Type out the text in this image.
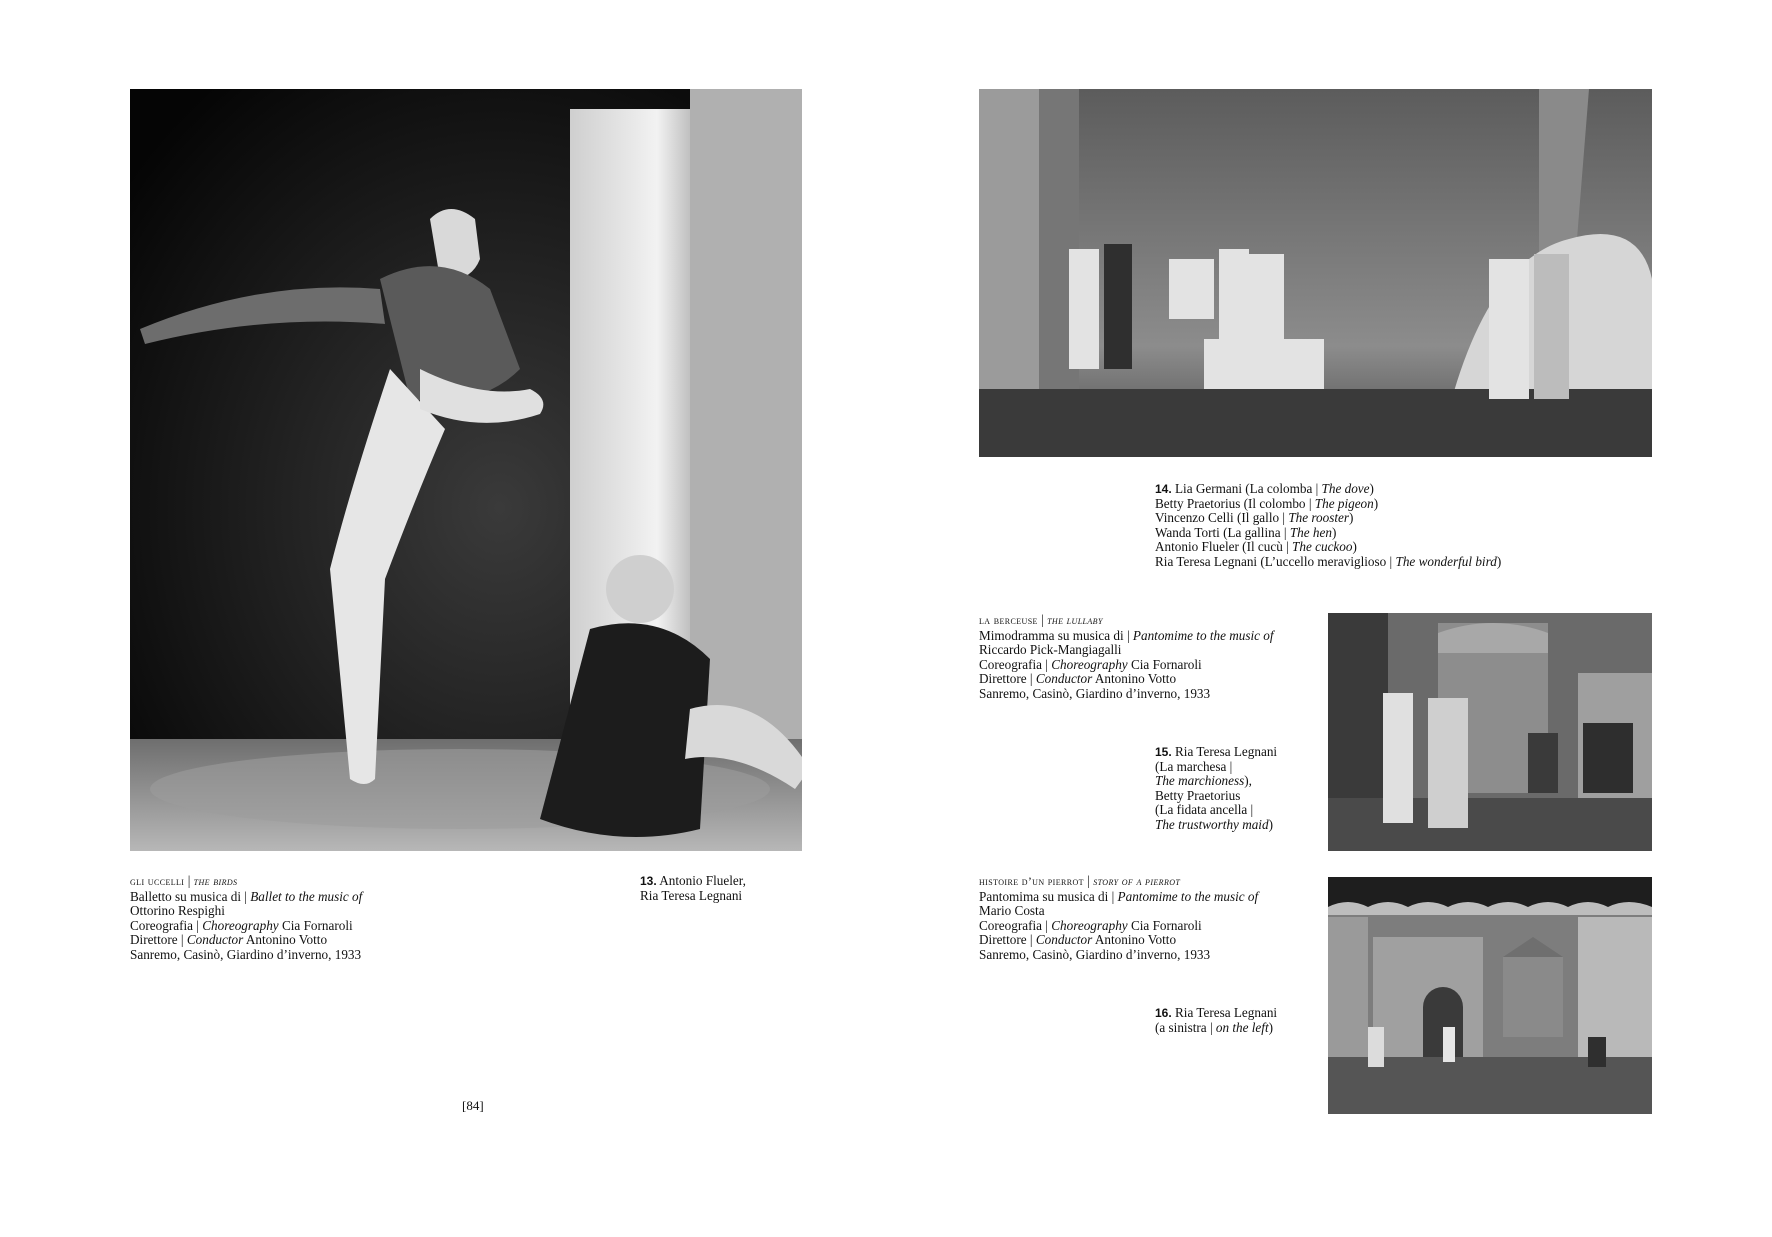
gli uccelli | the birds
Balletto su musica di | Ballet to the music of
Ottorino Respighi
Coreografia | Choreography Cia Fornaroli
Direttore | Conductor Antonino Votto
Sanremo, Casinò, Giardino d’inverno, 1933
13. Antonio Flueler,
Ria Teresa Legnani
[84]
14. Lia Germani (La colomba | The dove)
Betty Praetorius (Il colombo | The pigeon)
Vincenzo Celli (Il gallo | The rooster)
Wanda Torti (La gallina | The hen)
Antonio Flueler (Il cucù | The cuckoo)
Ria Teresa Legnani (L’uccello meraviglioso | The wonderful bird)
la berceuse | the lullaby
Mimodramma su musica di | Pantomime to the music of
Riccardo Pick-Mangiagalli
Coreografia | Choreography Cia Fornaroli
Direttore | Conductor Antonino Votto
Sanremo, Casinò, Giardino d’inverno, 1933
15. Ria Teresa Legnani
(La marchesa |
The marchioness),
Betty Praetorius
(La fidata ancella |
The trustworthy maid)
histoire d’un pierrot | story of a pierrot
Pantomima su musica di | Pantomime to the music of
Mario Costa
Coreografia | Choreography Cia Fornaroli
Direttore | Conductor Antonino Votto
Sanremo, Casinò, Giardino d’inverno, 1933
16. Ria Teresa Legnani
(a sinistra | on the left)
